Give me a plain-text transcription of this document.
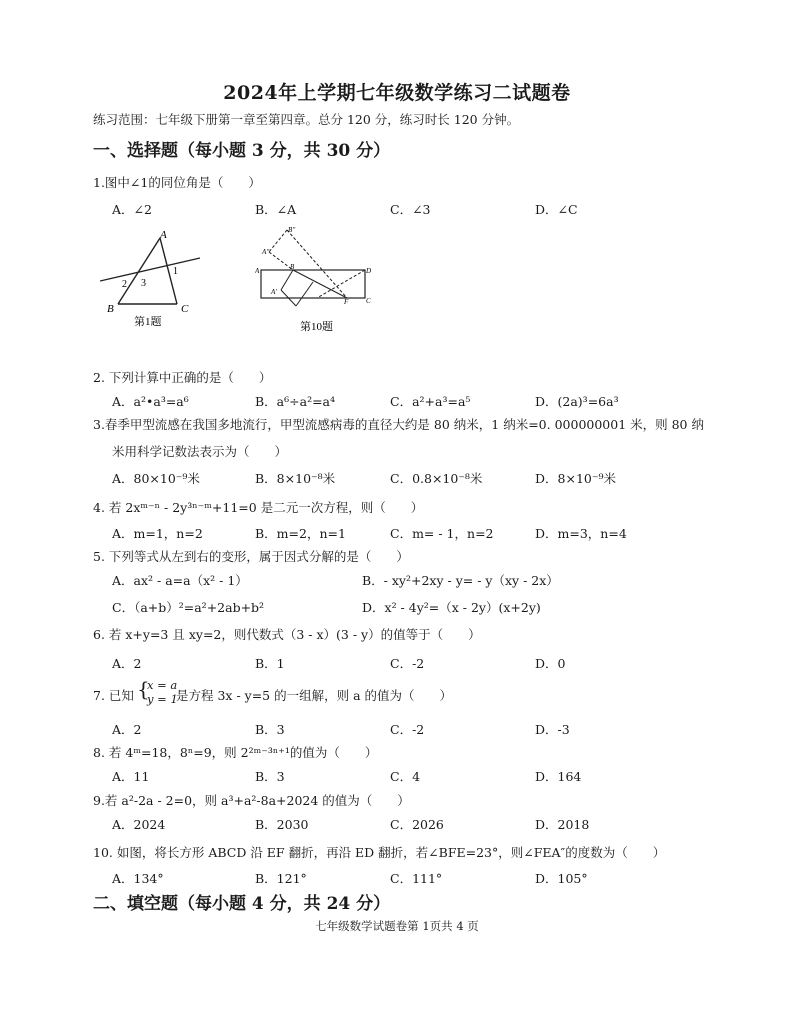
2024年上学期七年级数学练习二试题卷
练习范围：七年级下册第一章至第四章。总分 120 分，练习时长 120 分钟。
一、选择题（每小题 3 分，共 30 分）
1.图中∠1的同位角是（　　）
A．∠2	B．∠A	C．∠3	D．∠C
A
B	C
1
2 3
第1题
B''
A''
A	B	D
A'
C
F
第10题
2. 下列计算中正确的是（　　）
A．a²•a³=a⁶	B．a⁶÷a²=a⁴	C．a²+a³=a⁵	D．(2a)³=6a³
3.春季甲型流感在我国多地流行，甲型流感病毒的直径大约是 80 纳米，1 纳米=0. 000000001 米，则 80 纳
米用科学记数法表示为（　　）
A．80×10⁻⁹米	B．8×10⁻⁸米	C．0.8×10⁻⁸米	D．8×10⁻⁹米
4. 若 2xᵐ⁻ⁿ - 2y³ⁿ⁻ᵐ+11=0 是二元一次方程，则（　　）
A．m=1，n=2	B．m=2，n=1	C．m= - 1，n=2	D．m=3，n=4
5. 下列等式从左到右的变形，属于因式分解的是（　　）
A．ax² - a=a（x² - 1）	B．- xy²+2xy - y= - y（xy - 2x）
C．（a+b）²=a²+2ab+b²	D．x² - 4y²=（x - 2y）(x+2y)
6. 若 x+y=3 且 xy=2，则代数式（3 - x）(3 - y）的值等于（　　）
A．2	B．1	C．-2	D．0
7. 已知 {
x = a
y = 1
是方程 3x - y=5 的一组解，则 a 的值为（　　）
A．2	B．3	C．-2	D．-3
8. 若 4ᵐ=18，8ⁿ=9，则 2²ᵐ⁻³ⁿ⁺¹的值为（　　）
A．11	B．3	C．4	D．164
9.若 a²-2a - 2=0，则 a³+a²-8a+2024 的值为（　　）
A．2024	B．2030	C．2026	D．2018
10. 如图，将长方形 ABCD 沿 EF 翻折，再沿 ED 翻折，若∠BFE=23°，则∠FEA″的度数为（　　）
A．134°	B．121°	C．111°	D．105°
二、填空题（每小题 4 分，共 24 分）
七年级数学试题卷第 1页共 4 页
